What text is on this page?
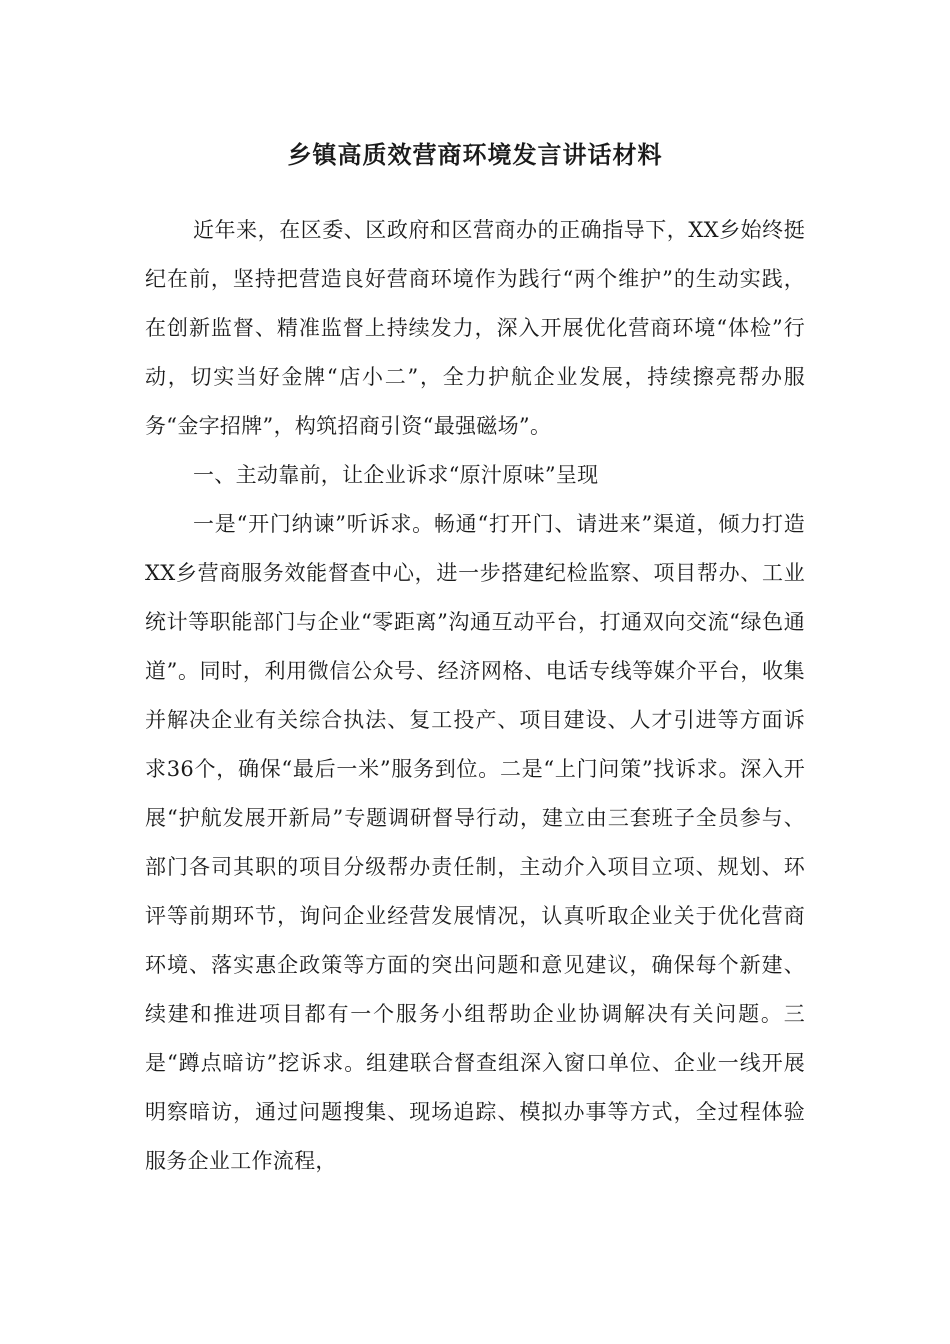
乡镇高质效营商环境发言讲话材料

近年来，在区委、区政府和区营商办的正确指导下，XX乡始终挺纪在前，坚持把营造良好营商环境作为践行“两个维护”的生动实践，在创新监督、精准监督上持续发力，深入开展优化营商环境“体检”行动，切实当好金牌“店小二”，全力护航企业发展，持续擦亮帮办服务“金字招牌”，构筑招商引资“最强磁场”。

一、主动靠前，让企业诉求“原汁原味”呈现

一是“开门纳谏”听诉求。畅通“打开门、请进来”渠道，倾力打造XX乡营商服务效能督查中心，进一步搭建纪检监察、项目帮办、工业统计等职能部门与企业“零距离”沟通互动平台，打通双向交流“绿色通道”。同时，利用微信公众号、经济网格、电话专线等媒介平台，收集并解决企业有关综合执法、复工投产、项目建设、人才引进等方面诉求36个，确保“最后一米”服务到位。二是“上门问策”找诉求。深入开展“护航发展开新局”专题调研督导行动，建立由三套班子全员参与、部门各司其职的项目分级帮办责任制，主动介入项目立项、规划、环评等前期环节，询问企业经营发展情况，认真听取企业关于优化营商环境、落实惠企政策等方面的突出问题和意见建议，确保每个新建、续建和推进项目都有一个服务小组帮助企业协调解决有关问题。三是“蹲点暗访”挖诉求。组建联合督查组深入窗口单位、企业一线开展明察暗访，通过问题搜集、现场追踪、模拟办事等方式，全过程体验服务企业工作流程，
